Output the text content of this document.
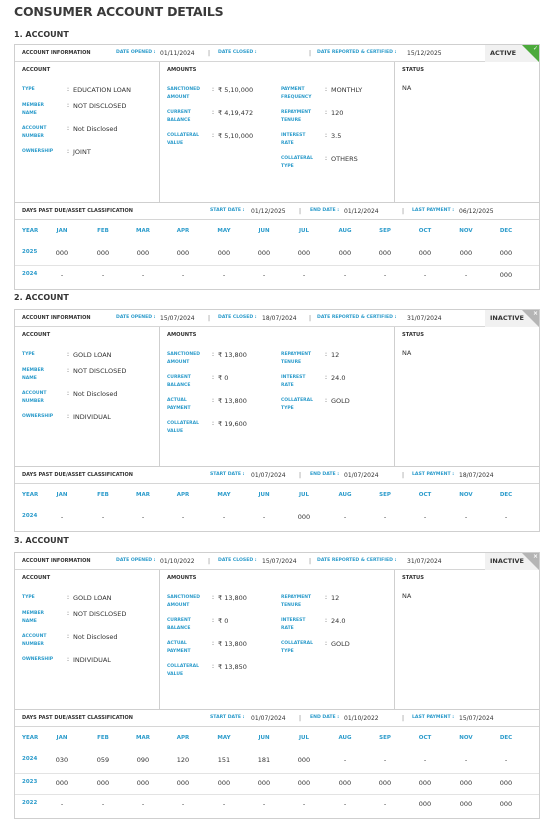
CONSUMER ACCOUNT DETAILS
1. ACCOUNT
ACCOUNT INFORMATION	DATE OPENED : 01/11/2024 | DATE CLOSED :	| DATE REPORTED & CERTIFIED : 15/12/2025	ACTIVE
✓
ACCOUNT
TYPE	: EDUCATION LOAN
MEMBER NAME
: NOT DISCLOSED
ACCOUNT NUMBER
: Not Disclosed
OWNERSHIP	: JOINT
AMOUNTS
SANCTIONED AMOUNT
: ₹ 5,10,000
CURRENT BALANCE
: ₹ 4,19,472
COLLATERAL VALUE
: ₹ 5,10,000
PAYMENT FREQUENCY
: MONTHLY
REPAYMENT TENURE
: 120
INTEREST RATE
: 3.5
COLLATERAL TYPE
: OTHERS
STATUS
NA
DAYS PAST DUE/ASSET CLASSIFICATION	START DATE : 01/12/2025 | END DATE : 01/12/2024	| LAST PAYMENT : 06/12/2025
YEAR	JAN	FEB	MAR	APR	MAY	JUN	JUL	AUG	SEP	OCT	NOV	DEC
2025	000	000	000	000	000	000	000	000	000	000	000	000
2024	-	-	-	-	-	-	-	-	-	-	-	000
2. ACCOUNT
ACCOUNT INFORMATION	DATE OPENED : 15/07/2024 | DATE CLOSED : 18/07/2024 | DATE REPORTED & CERTIFIED : 31/07/2024	INACTIVE
×
ACCOUNT
TYPE	: GOLD LOAN
MEMBER NAME
: NOT DISCLOSED
ACCOUNT NUMBER
: Not Disclosed
OWNERSHIP	: INDIVIDUAL
AMOUNTS
SANCTIONED AMOUNT
: ₹ 13,800
CURRENT BALANCE
: ₹ 0
ACTUAL PAYMENT
: ₹ 13,800
COLLATERAL VALUE
: ₹ 19,600
REPAYMENT TENURE
: 12
INTEREST RATE
: 24.0
COLLATERAL TYPE
: GOLD
STATUS
NA
DAYS PAST DUE/ASSET CLASSIFICATION	START DATE : 01/07/2024 | END DATE : 01/07/2024	| LAST PAYMENT : 18/07/2024
YEAR	JAN	FEB	MAR	APR	MAY	JUN	JUL	AUG	SEP	OCT	NOV	DEC
2024	-	-	-	-	-	-	000	-	-	-	-	-
3. ACCOUNT
ACCOUNT INFORMATION	DATE OPENED : 01/10/2022 | DATE CLOSED : 15/07/2024 | DATE REPORTED & CERTIFIED : 31/07/2024	INACTIVE
×
ACCOUNT
TYPE	: GOLD LOAN
MEMBER NAME
: NOT DISCLOSED
ACCOUNT NUMBER
: Not Disclosed
OWNERSHIP	: INDIVIDUAL
AMOUNTS
SANCTIONED AMOUNT
: ₹ 13,800
CURRENT BALANCE
: ₹ 0
ACTUAL PAYMENT
: ₹ 13,800
COLLATERAL VALUE
: ₹ 13,850
REPAYMENT TENURE
: 12
INTEREST RATE
: 24.0
COLLATERAL TYPE
: GOLD
STATUS
NA
DAYS PAST DUE/ASSET CLASSIFICATION	START DATE : 01/07/2024 | END DATE : 01/10/2022	| LAST PAYMENT : 15/07/2024
YEAR	JAN	FEB	MAR	APR	MAY	JUN	JUL	AUG	SEP	OCT	NOV	DEC
2024	030	059	090	120	151	181	000	-	-	-	-	-
2023	000	000	000	000	000	000	000	000	000	000	000	000
2022	-	-	-	-	-	-	-	-	-	000	000	000
